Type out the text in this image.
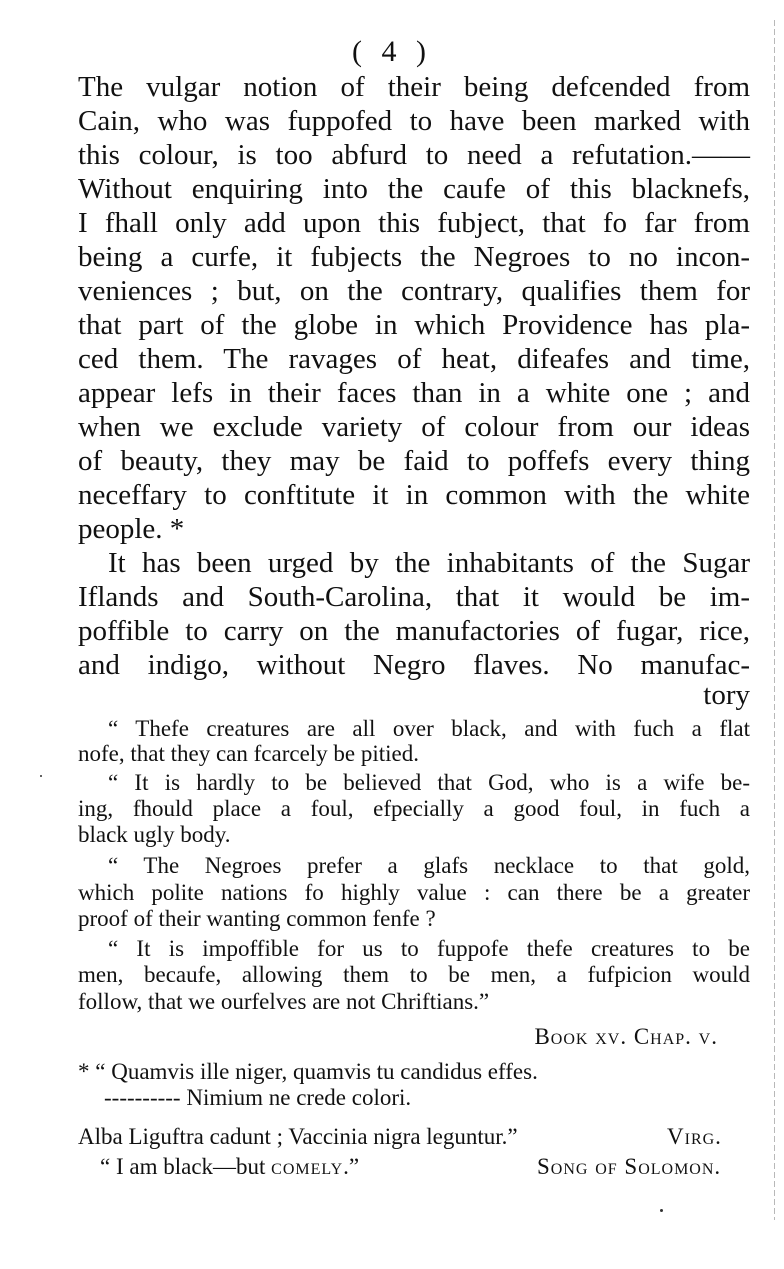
( 4 )
The vulgar notion of their being defcended from
Cain, who was fuppofed to have been marked with
this colour, is too abfurd to need a refutation.——
Without enquiring into the caufe of this blacknefs,
I fhall only add upon this fubject, that fo far from
being a curfe, it fubjects the Negroes to no incon-
veniences ; but, on the contrary, qualifies them for
that part of the globe in which Providence has pla-
ced them. The ravages of heat, difeafes and time,
appear lefs in their faces than in a white one ; and
when we exclude variety of colour from our ideas
of beauty, they may be faid to poffefs every thing
neceffary to conftitute it in common with the white
people. *
It has been urged by the inhabitants of the Sugar
Iflands and South-Carolina, that it would be im-
poffible to carry on the manufactories of fugar, rice,
and indigo, without Negro flaves. No manufac-
tory
“ Thefe creatures are all over black, and with fuch a flat
nofe, that they can fcarcely be pitied.
“ It is hardly to be believed that God, who is a wife be-
ing, fhould place a foul, efpecially a good foul, in fuch a
black ugly body.
“ The Negroes prefer a glafs necklace to that gold,
which polite nations fo highly value : can there be a greater
proof of their wanting common fenfe ?
“ It is impoffible for us to fuppofe thefe creatures to be
men, becaufe, allowing them to be men, a fufpicion would
follow, that we ourfelves are not Chriftians.”
Book xv. Chap. v.
* “ Quamvis ille niger, quamvis tu candidus effes.
---------- Nimium ne crede colori.
Alba Liguftra cadunt ; Vaccinia nigra leguntur.”	Virg.
“ I am black—but comely.”	Song of Solomon.
